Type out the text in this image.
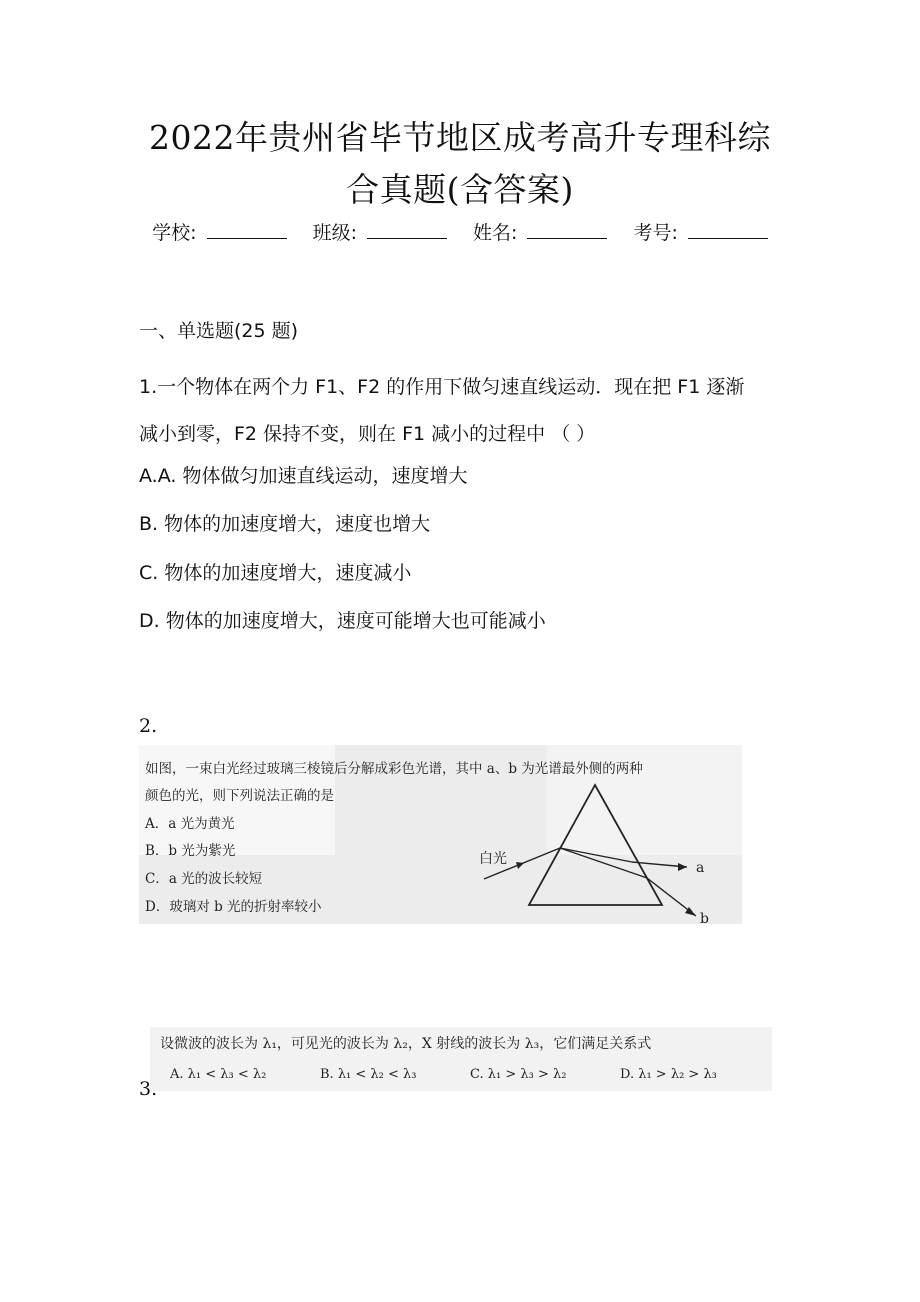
2022年贵州省毕节地区成考高升专理科综
合真题(含答案)
学校:	班级:	姓名:	考号:
一、单选题(25 题)
1.一个物体在两个力 F1、F2 的作用下做匀速直线运动．现在把 F1 逐渐
减小到零，F2 保持不变，则在 F1 减小的过程中 （ ）
A.A. 物体做匀加速直线运动，速度增大
B. 物体的加速度增大，速度也增大
C. 物体的加速度增大，速度减小
D. 物体的加速度增大，速度可能增大也可能减小
2.
如图，一束白光经过玻璃三棱镜后分解成彩色光谱，其中 a、b 为光谱最外侧的两种
颜色的光，则下列说法正确的是
A．a 光为黄光
B．b 光为紫光
C．a 光的波长较短
D．玻璃对 b 光的折射率较小
白光
a
b
设微波的波长为 λ₁，可见光的波长为 λ₂，X 射线的波长为 λ₃，它们满足关系式
A. λ₁ < λ₃ < λ₂	B. λ₁ < λ₂ < λ₃	C. λ₁ > λ₃ > λ₂	D. λ₁ > λ₂ > λ₃
3.
